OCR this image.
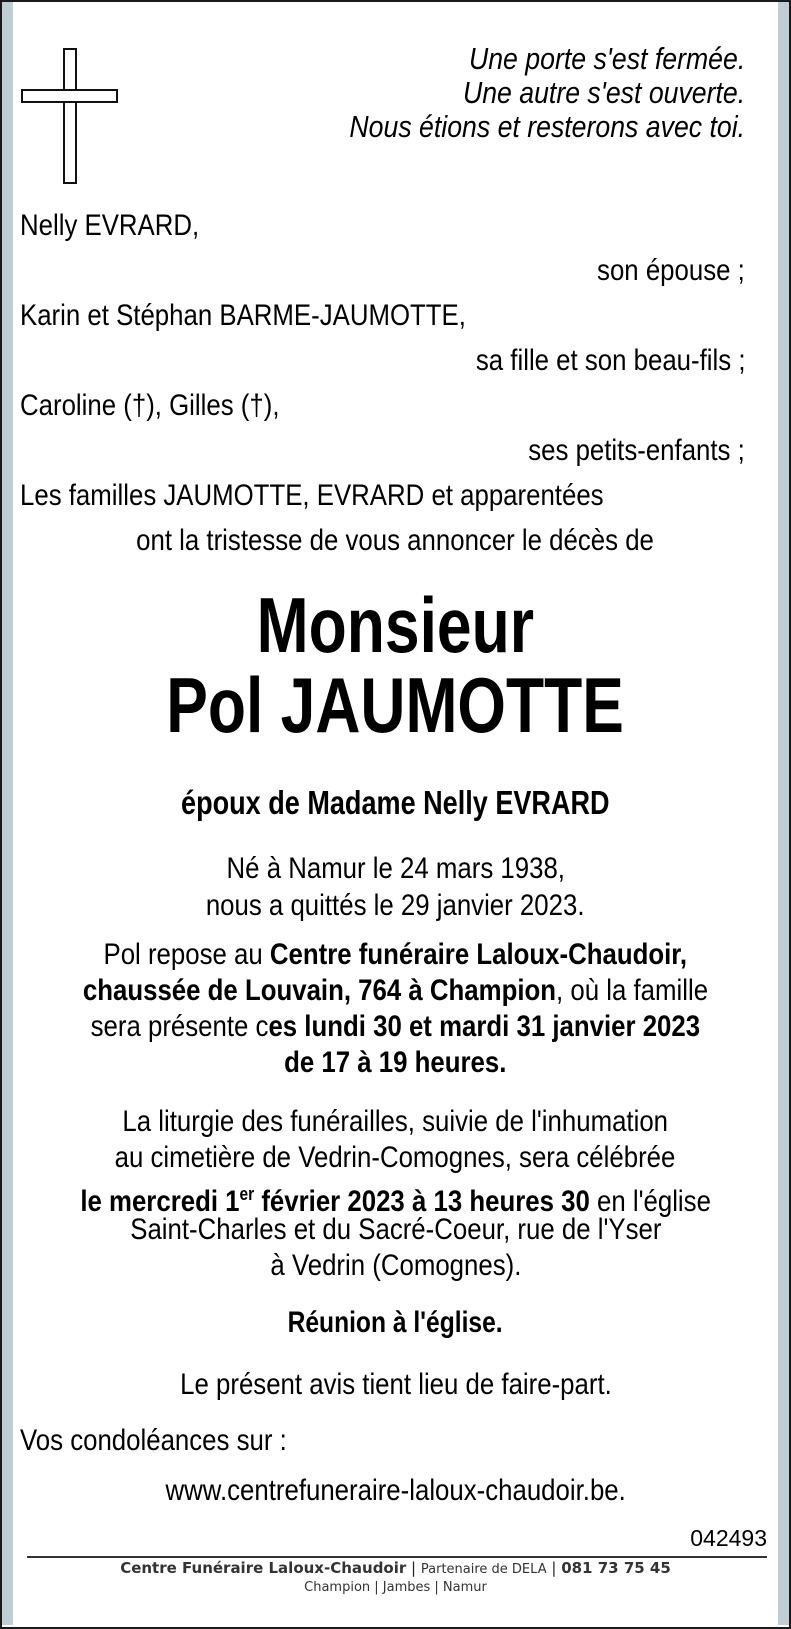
Une porte s'est fermée.
Une autre s'est ouverte.
Nous étions et resterons avec toi.
Nelly EVRARD,
son épouse ;
Karin et Stéphan BARME-JAUMOTTE,
sa fille et son beau-fils ;
Caroline (†), Gilles (†),
ses petits-enfants ;
Les familles JAUMOTTE, EVRARD et apparentées
ont la tristesse de vous annoncer le décès de
Monsieur
Pol JAUMOTTE
époux de Madame Nelly EVRARD
Né à Namur le 24 mars 1938,
nous a quittés le 29 janvier 2023.
Pol repose au Centre funéraire Laloux-Chaudoir,
chaussée de Louvain, 764 à Champion, où la famille
sera présente ces lundi 30 et mardi 31 janvier 2023
de 17 à 19 heures.
La liturgie des funérailles, suivie de l'inhumation
au cimetière de Vedrin-Comognes, sera célébrée
le mercredi 1er février 2023 à 13 heures 30 en l'église
Saint-Charles et du Sacré-Coeur, rue de l'Yser
à Vedrin (Comognes).
Réunion à l'église.
Le présent avis tient lieu de faire-part.
Vos condoléances sur :
www.centrefuneraire-laloux-chaudoir.be.
042493
Centre Funéraire Laloux-Chaudoir | Partenaire de DELA | 081 73 75 45
Champion | Jambes | Namur
